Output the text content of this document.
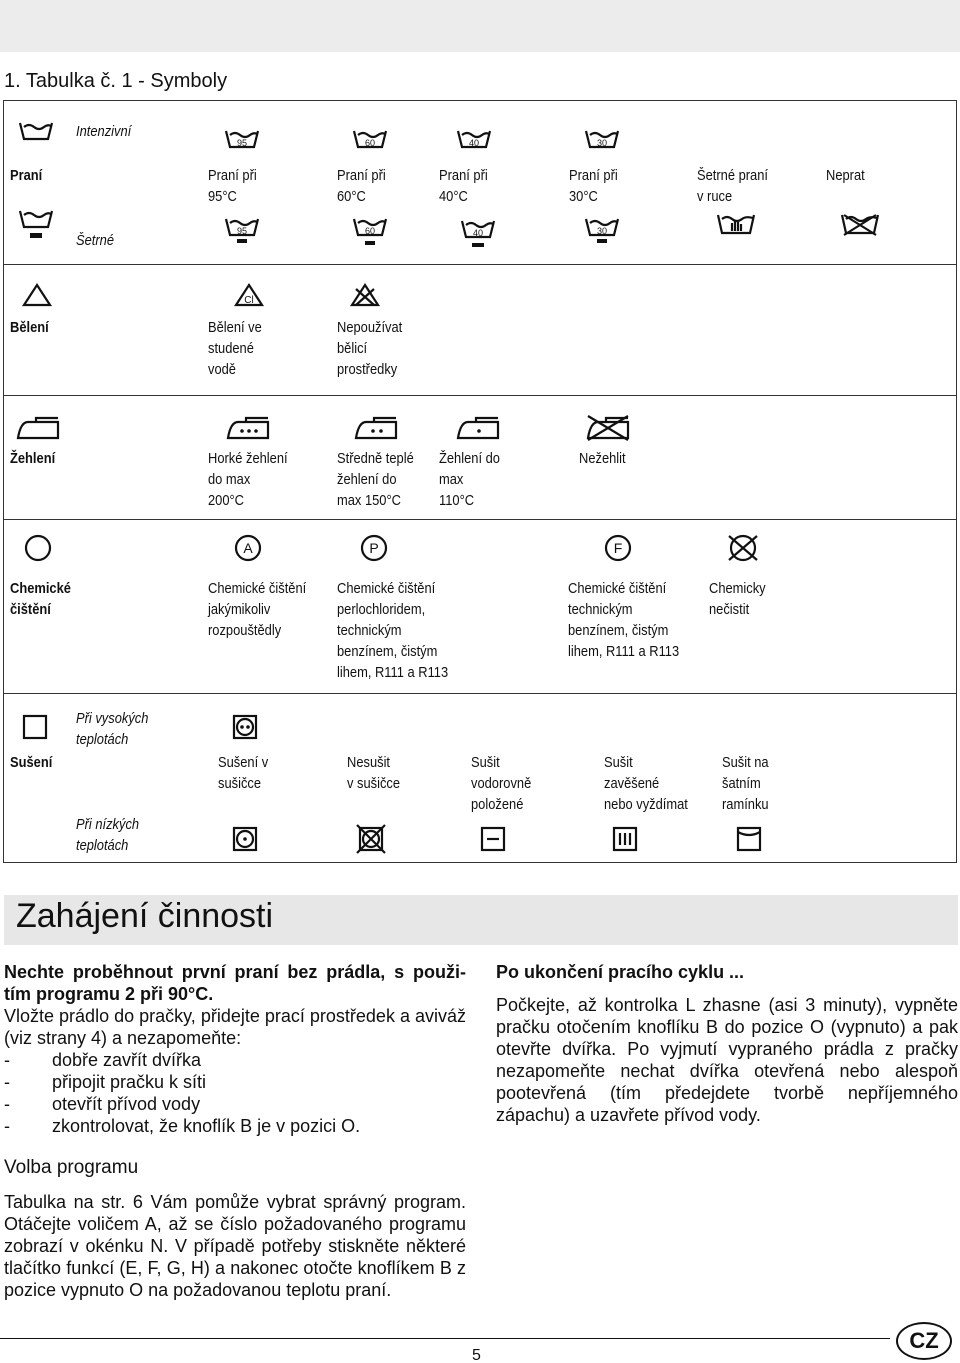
1. Tabulka č. 1 - Symboly
Intenzivní
Praní
Šetrné
95
Praní při
95°C
95
60
Praní při
60°C
60
40
Praní při
40°C
40
30
Praní při
30°C
30
Šetrné praní
v ruce
Neprat
Bělení
Cl
Bělení ve
studené
vodě
Nepoužívat
bělicí
prostředky
Žehlení	Horké žehlení
do max
200°C
Středně teplé
žehlení do
max 150°C
Žehlení do
max
110°C
Nežehlit
Chemické
čištění
A
Chemické čištění
jakýmikoliv
rozpouštědly
P
Chemické čištění
perlochloridem,
technickým
benzínem, čistým
lihem, R111 a R113
F
Chemické čištění
technickým
benzínem, čistým
lihem, R111 a R113
Chemicky
nečistit
Sušení
Při vysokých
teplotách
Při nízkých
teplotách
Sušení v
sušičce
Nesušit
v sušičce
Sušit
vodorovně
položené
Sušit
zavěšené
nebo vyždímat
Sušit na
šatním
ramínku
Zahájení činnosti
Nechte proběhnout první praní bez prádla, s použi-tím programu 2 při 90°C.
Vložte prádlo do pračky, přidejte prací prostředek a aviváž (viz strany 4) a nezapomeňte:
- dobře zavřít dvířka
- připojit pračku k síti
- otevřít přívod vody
- zkontrolovat, že knoflík B je v pozici O.
Volba programu
Tabulka na str. 6 Vám pomůže vybrat správný program. Otáčejte voličem A, až se číslo požadovaného programu zobrazí v okénku N. V případě potřeby stiskněte některé tlačítko funkcí (E, F, G, H) a nakonec otočte knoflíkem B z pozice vypnuto O na požadovanou teplotu praní.
Po ukončení pracího cyklu ...
Počkejte, až kontrolka L zhasne (asi 3 minuty), vypněte pračku otočením knoflíku B do pozice O (vypnuto) a pak otevřte dvířka. Po vyjmutí vypraného prádla z pračky nezapomeňte nechat dvířka otevřená nebo alespoň pootevřená (tím předejdete tvorbě nepříjemného zápachu) a uzavřete přívod vody.
5
CZ
